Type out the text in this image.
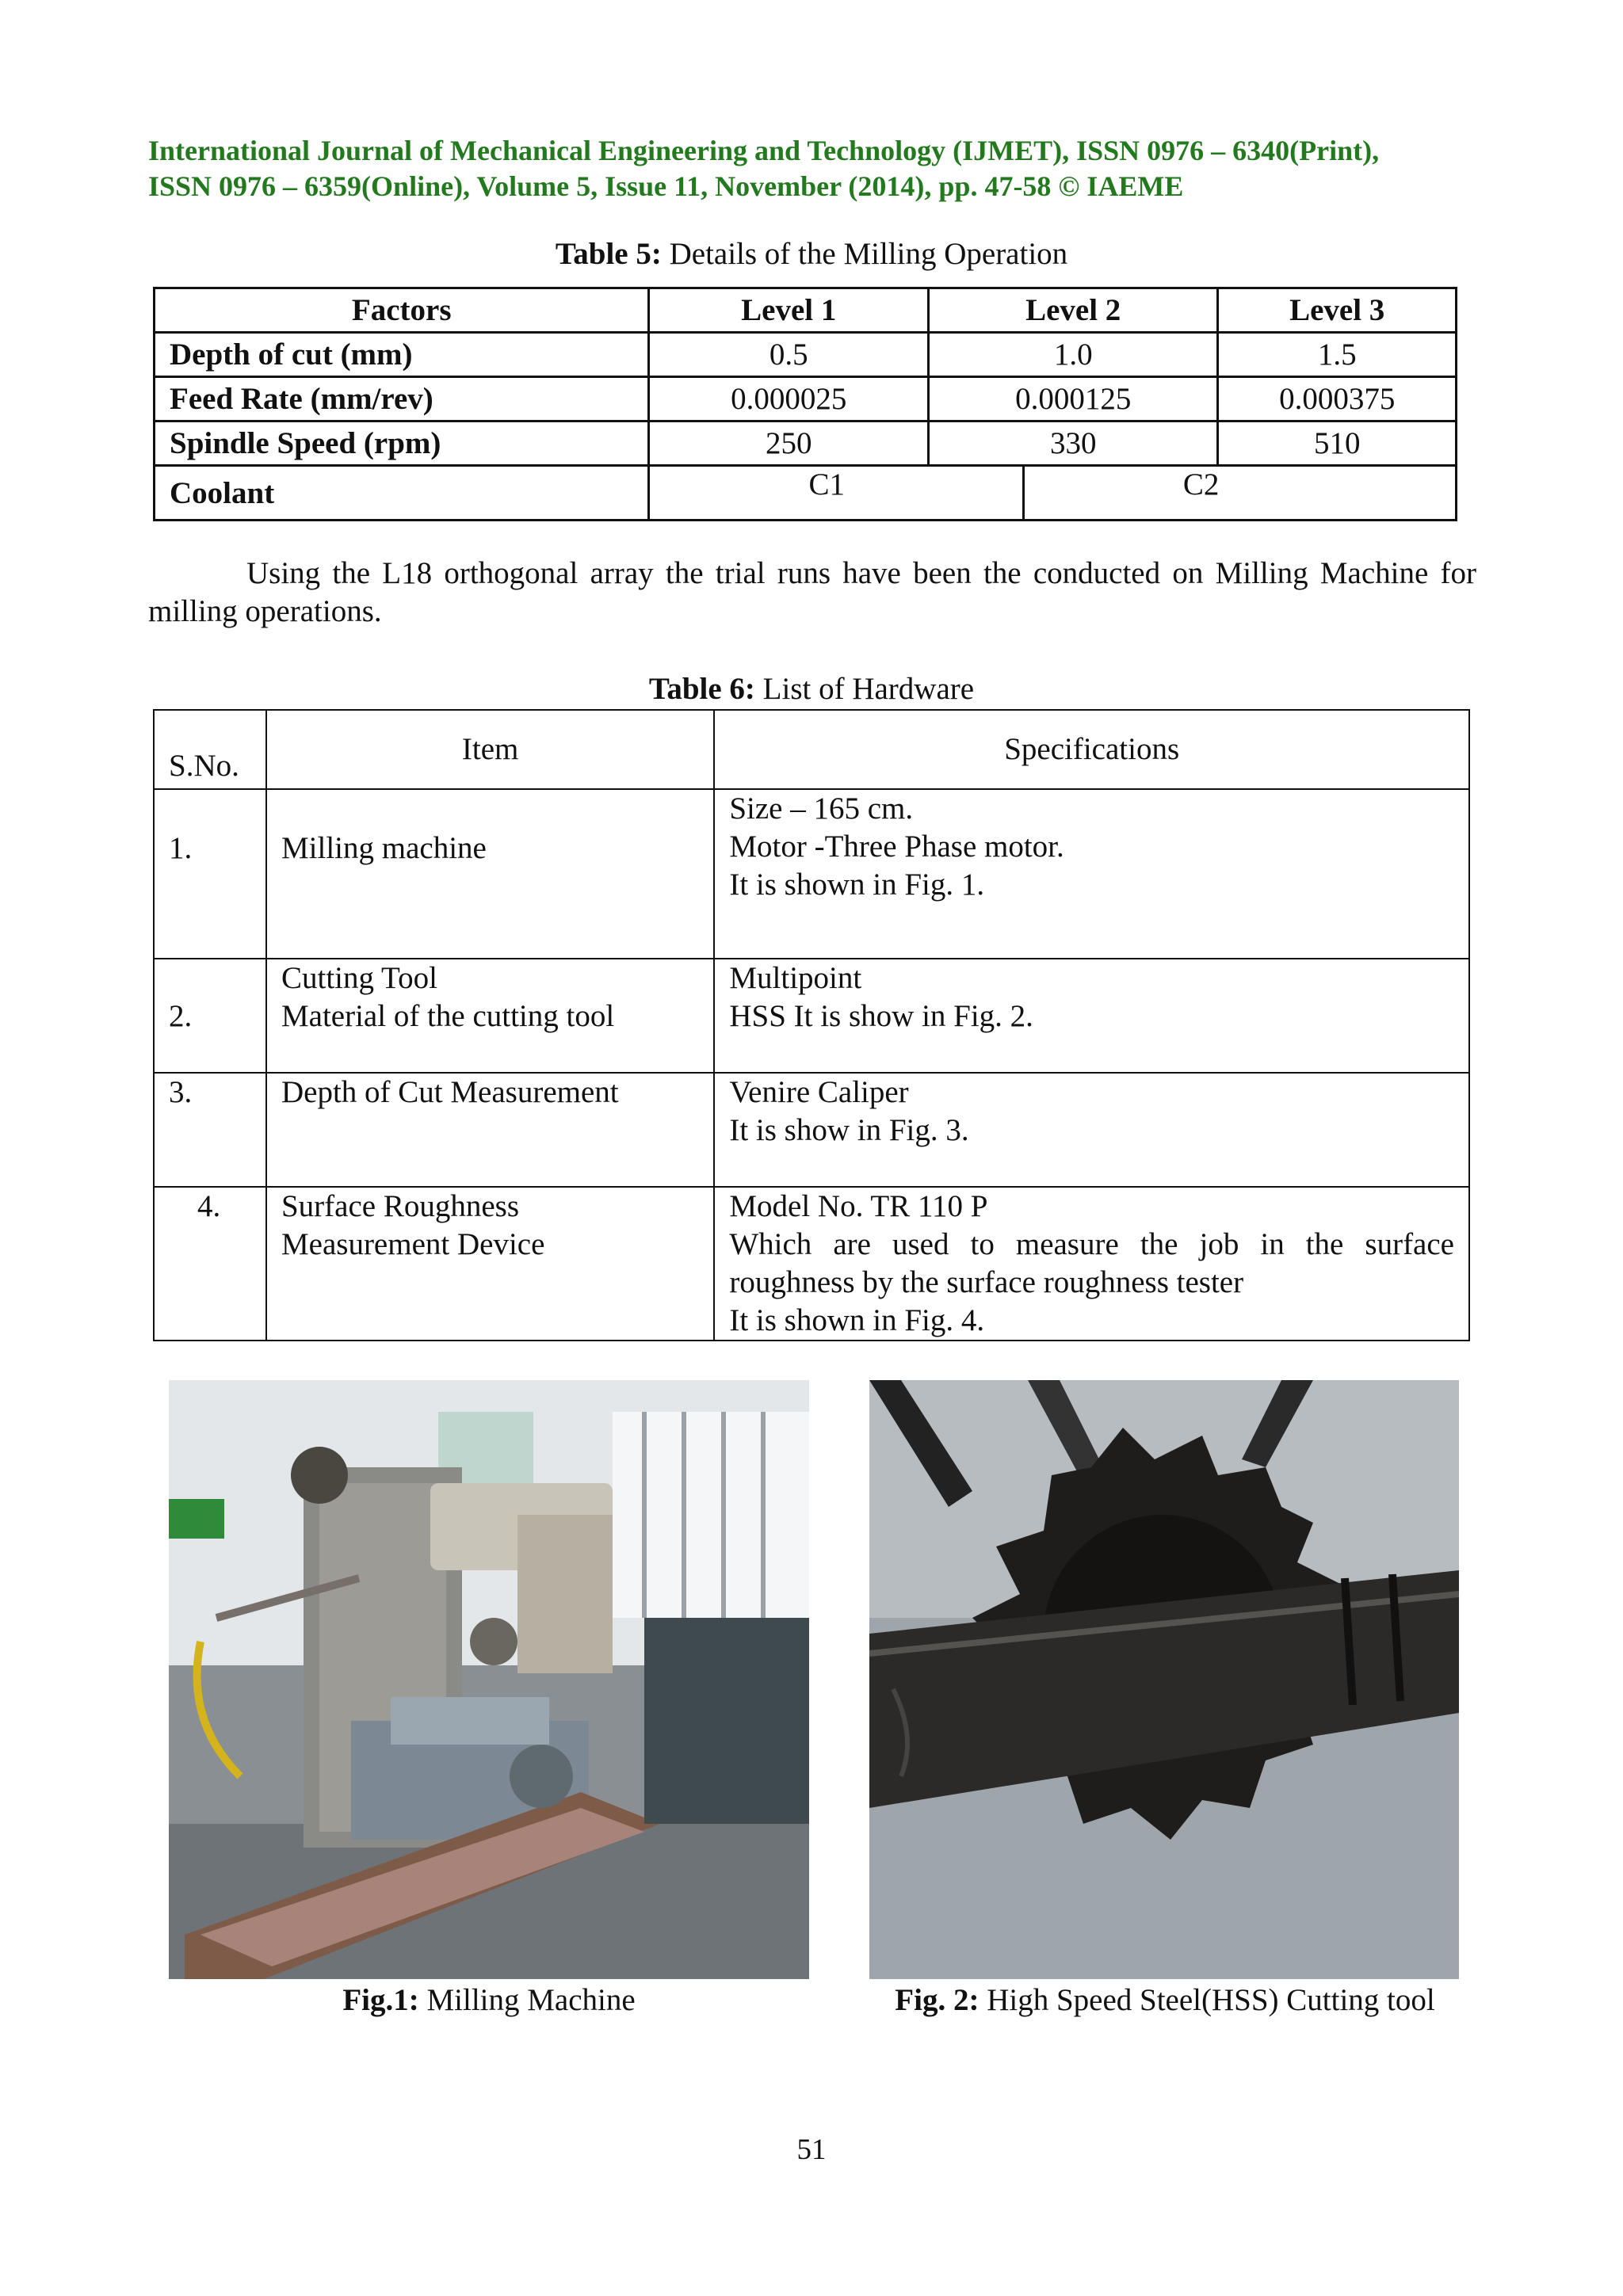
International Journal of Mechanical Engineering and Technology (IJMET), ISSN 0976 – 6340(Print),
ISSN 0976 – 6359(Online), Volume 5, Issue 11, November (2014), pp. 47-58 © IAEME
Table 5: Details of the Milling Operation
Factors	Level 1	Level 2		Level 3
Depth of cut (mm)	0.5	1.0		1.5
Feed Rate (mm/rev)	0.000025	0.000125		0.000375
Spindle Speed (rpm)	250	330		510
Coolant	C1		C2	
Using the L18 orthogonal array the trial runs have been the conducted on Milling Machine for milling operations.
Table 6: List of Hardware
S.No.	Item	Specifications
1.	Milling machine	Size – 165 cm.
Motor -Three Phase motor.
It is shown in Fig. 1.

2.	Cutting Tool
Material of the cutting tool	Multipoint
HSS It is show in Fig. 2.

3.	Depth of Cut Measurement	Venire Caliper
It is show in Fig. 3.

4.	Surface Roughness
Measurement Device	Model No. TR 110 P
Which are used to measure the job in the surface roughness by the surface roughness tester
It is shown in Fig. 4.
Fig.1: Milling Machine	Fig. 2: High Speed Steel(HSS) Cutting tool
51
